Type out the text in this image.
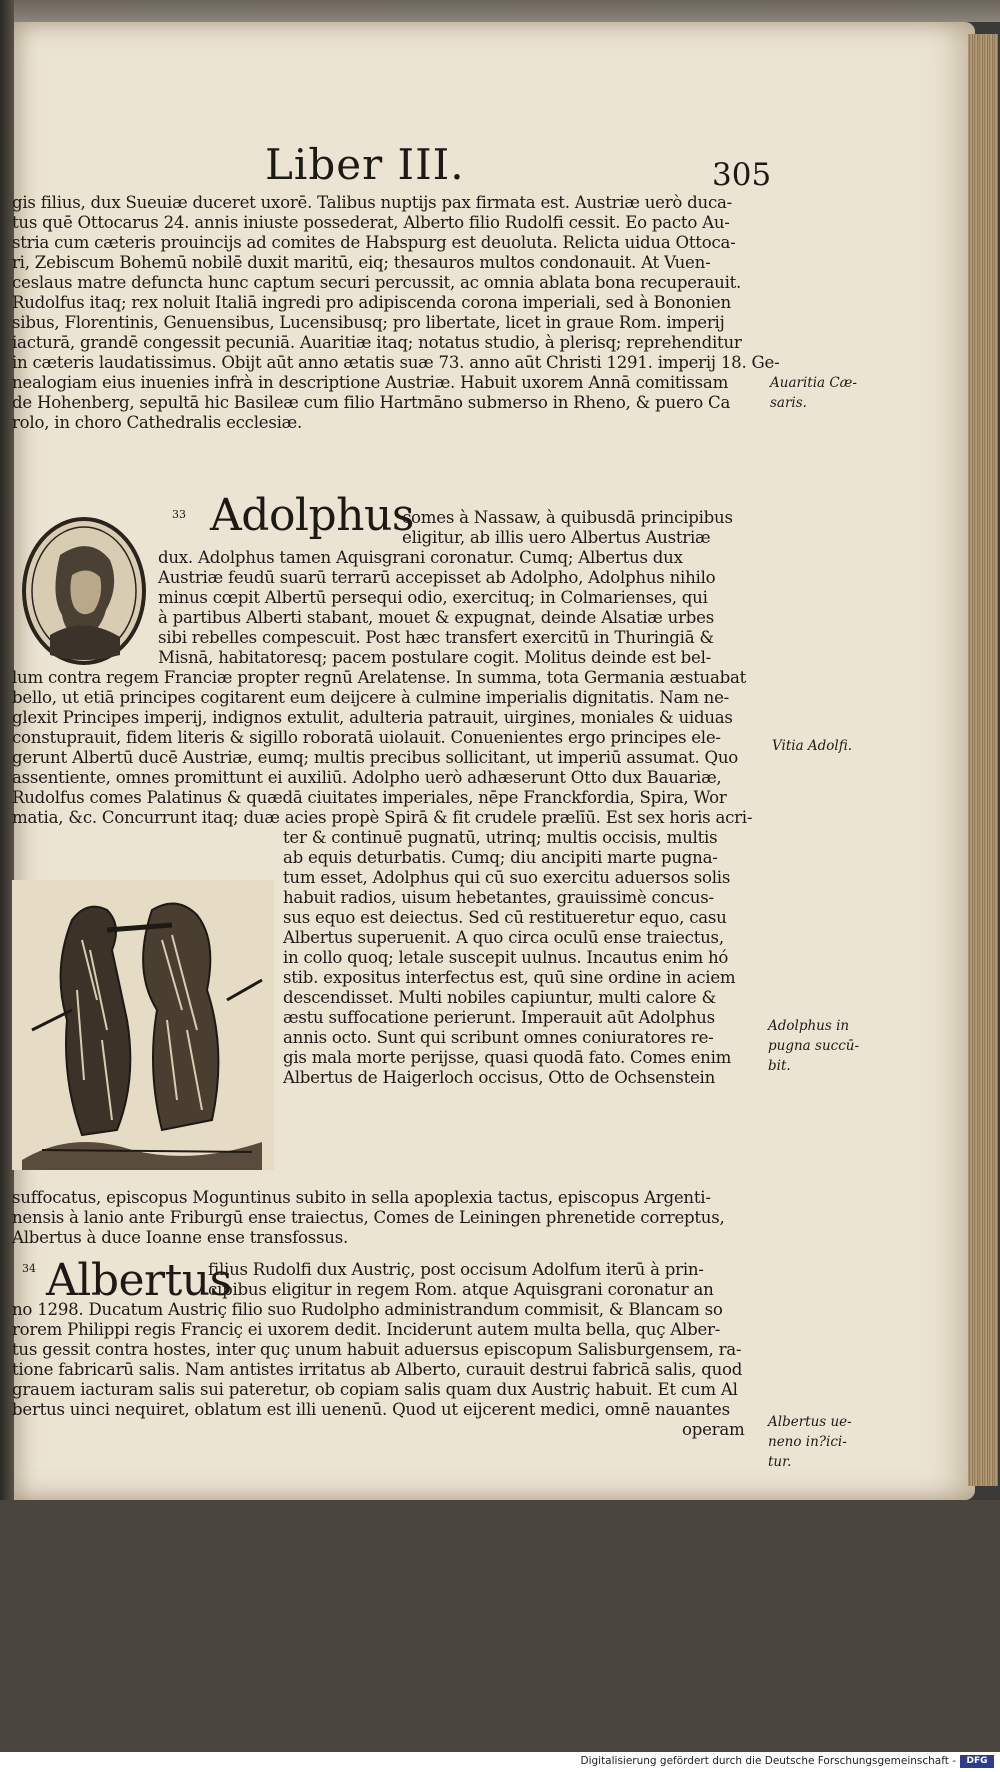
Liber III.	305
gis filius, dux Sueuiæ duceret uxorē. Talibus nuptijs pax firmata est. Austriæ uerò duca-
tus quē Ottocarus 24. annis iniuste possederat, Alberto filio Rudolfi cessit. Eo pacto Au-
stria cum cæteris prouincijs ad comites de Habspurg est deuoluta. Relicta uidua Ottoca-
ri, Zebiscum Bohemū nobilē duxit maritū, eiq; thesauros multos condonauit. At Vuen-
ceslaus matre defuncta hunc captum securi percussit, ac omnia ablata bona recuperauit.
Rudolfus itaq; rex noluit Italiā ingredi pro adipiscenda corona imperiali, sed à Bononien
sibus, Florentinis, Genuensibus, Lucensibusq; pro libertate, licet in graue Rom. imperij
iacturā, grandē congessit pecuniā. Auaritiæ itaq; notatus studio, à plerisq; reprehenditur
in cæteris laudatissimus. Obijt aūt anno ætatis suæ 73. anno aūt Christi 1291. imperij 18. Ge-
nealogiam eius inuenies infrà in descriptione Austriæ. Habuit uxorem Annā comitissam
de Hohenberg, sepultā hic Basileæ cum filio Hartmāno submerso in Rheno, & puero Ca
rolo, in choro Cathedralis ecclesiæ.
Auaritia Cæ-
saris.
Vitia Adolfi.
Adolphus in
pugna succū-
bit.
Albertus ue-
neno in?ici-
tur.
33 Adolphus
comes à Nassaw, à quibusdā principibus
eligitur, ab illis uero Albertus Austriæ
dux. Adolphus tamen Aquisgrani coronatur. Cumq; Albertus dux
Austriæ feudū suarū terrarū accepisset ab Adolpho, Adolphus nihilo
minus cœpit Albertū persequi odio, exercituq; in Colmarienses, qui
à partibus Alberti stabant, mouet & expugnat, deinde Alsatiæ urbes
sibi rebelles compescuit. Post hæc transfert exercitū in Thuringiā &
Misnā, habitatoresq; pacem postulare cogit. Molitus deinde est bel-
lum contra regem Franciæ propter regnū Arelatense. In summa, tota Germania æstuabat
bello, ut etiā principes cogitarent eum deijcere à culmine imperialis dignitatis. Nam ne-
glexit Principes imperij, indignos extulit, adulteria patrauit, uirgines, moniales & uiduas
constuprauit, fidem literis & sigillo roboratā uiolauit. Conuenientes ergo principes ele-
gerunt Albertū ducē Austriæ, eumq; multis precibus sollicitant, ut imperiū assumat. Quo
assentiente, omnes promittunt ei auxiliū. Adolpho uerò adhæserunt Otto dux Bauariæ,
Rudolfus comes Palatinus & quædā ciuitates imperiales, nēpe Franckfordia, Spira, Wor
matia, &c. Concurrunt itaq; duæ acies propè Spirā & fit crudele prælīū. Est sex horis acri-
ter & continuē pugnatū, utrinq; multis occisis, multis
ab equis deturbatis. Cumq; diu ancipiti marte pugna-
tum esset, Adolphus qui cū suo exercitu aduersos solis
habuit radios, uisum hebetantes, grauissimè concus-
sus equo est deiectus. Sed cū restitueretur equo, casu
Albertus superuenit. A quo circa oculū ense traiectus,
in collo quoq; letale suscepit uulnus. Incautus enim hó
stib. expositus interfectus est, quū sine ordine in aciem
descendisset. Multi nobiles capiuntur, multi calore &
æstu suffocatione perierunt. Imperauit aūt Adolphus
annis octo. Sunt qui scribunt omnes coniuratores re-
gis mala morte perijsse, quasi quodā fato. Comes enim
Albertus de Haigerloch occisus, Otto de Ochsenstein
suffocatus, episcopus Moguntinus subito in sella apoplexia tactus, episcopus Argenti-
nensis à lanio ante Friburgū ense traiectus, Comes de Leiningen phrenetide correptus,
Albertus à duce Ioanne ense transfossus.
34 Albertus
filius Rudolfi dux Austriç, post occisum Adolfum iterū à prin-
cipibus eligitur in regem Rom. atque Aquisgrani coronatur an
no 1298. Ducatum Austriç filio suo Rudolpho administrandum commisit, & Blancam so
rorem Philippi regis Franciç ei uxorem dedit. Inciderunt autem multa bella, quç Alber-
tus gessit contra hostes, inter quç unum habuit aduersus episcopum Salisburgensem, ra-
tione fabricarū salis. Nam antistes irritatus ab Alberto, curauit destrui fabricā salis, quod
grauem iacturam salis sui pateretur, ob copiam salis quam dux Austriç habuit. Et cum Al
bertus uinci nequiret, oblatum est illi uenenū. Quod ut eijcerent medici, omnē nauantes
operam
Digitalisierung gefördert durch die Deutsche Forschungsgemeinschaft -	DFG
